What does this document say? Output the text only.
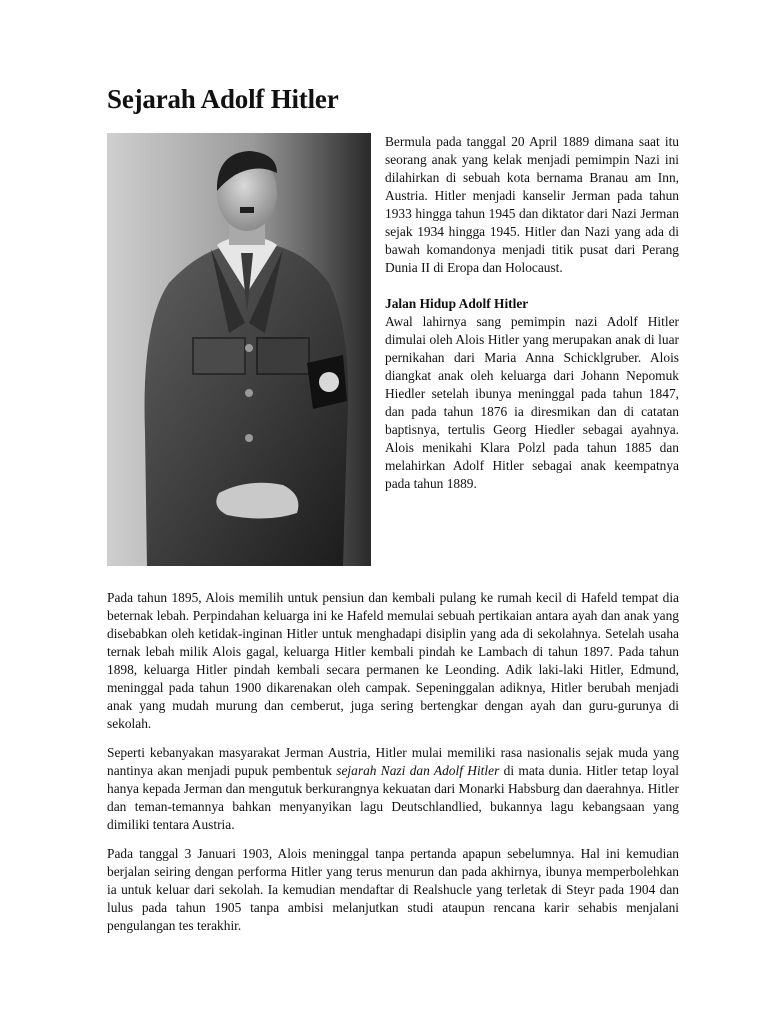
Sejarah Adolf Hitler

Bermula pada tanggal 20 April 1889 dimana saat itu seorang anak yang kelak menjadi pemimpin Nazi ini dilahirkan di sebuah kota bernama Branau am Inn, Austria. Hitler menjadi kanselir Jerman pada tahun 1933 hingga tahun 1945 dan diktator dari Nazi Jerman sejak 1934 hingga 1945. Hitler dan Nazi yang ada di bawah komandonya menjadi titik pusat dari Perang Dunia II di Eropa dan Holocaust.

Jalan Hidup Adolf Hitler

Awal lahirnya sang pemimpin nazi Adolf Hitler dimulai oleh Alois Hitler yang merupakan anak di luar pernikahan dari Maria Anna Schicklgruber. Alois diangkat anak oleh keluarga dari Johann Nepomuk Hiedler setelah ibunya meninggal pada tahun 1847, dan pada tahun 1876 ia diresmikan dan di catatan baptisnya, tertulis Georg Hiedler sebagai ayahnya. Alois menikahi Klara Polzl pada tahun 1885 dan melahirkan Adolf Hitler sebagai anak keempatnya pada tahun 1889.

Pada tahun 1895, Alois memilih untuk pensiun dan kembali pulang ke rumah kecil di Hafeld tempat dia beternak lebah. Perpindahan keluarga ini ke Hafeld memulai sebuah pertikaian antara ayah dan anak yang disebabkan oleh ketidak-inginan Hitler untuk menghadapi disiplin yang ada di sekolahnya. Setelah usaha ternak lebah milik Alois gagal, keluarga Hitler kembali pindah ke Lambach di tahun 1897. Pada tahun 1898, keluarga Hitler pindah kembali secara permanen ke Leonding. Adik laki-laki Hitler, Edmund, meninggal pada tahun 1900 dikarenakan oleh campak. Sepeninggalan adiknya, Hitler berubah menjadi anak yang mudah murung dan cemberut, juga sering bertengkar dengan ayah dan guru-gurunya di sekolah.

Seperti kebanyakan masyarakat Jerman Austria, Hitler mulai memiliki rasa nasionalis sejak muda yang nantinya akan menjadi pupuk pembentuk sejarah Nazi dan Adolf Hitler di mata dunia. Hitler tetap loyal hanya kepada Jerman dan mengutuk berkurangnya kekuatan dari Monarki Habsburg dan daerahnya. Hitler dan teman-temannya bahkan menyanyikan lagu Deutschlandlied, bukannya lagu kebangsaan yang dimiliki tentara Austria.

Pada tanggal 3 Januari 1903, Alois meninggal tanpa pertanda apapun sebelumnya. Hal ini kemudian berjalan seiring dengan performa Hitler yang terus menurun dan pada akhirnya, ibunya memperbolehkan ia untuk keluar dari sekolah. Ia kemudian mendaftar di Realshucle yang terletak di Steyr pada 1904 dan lulus pada tahun 1905 tanpa ambisi melanjutkan studi ataupun rencana karir sehabis menjalani pengulangan tes terakhir.
